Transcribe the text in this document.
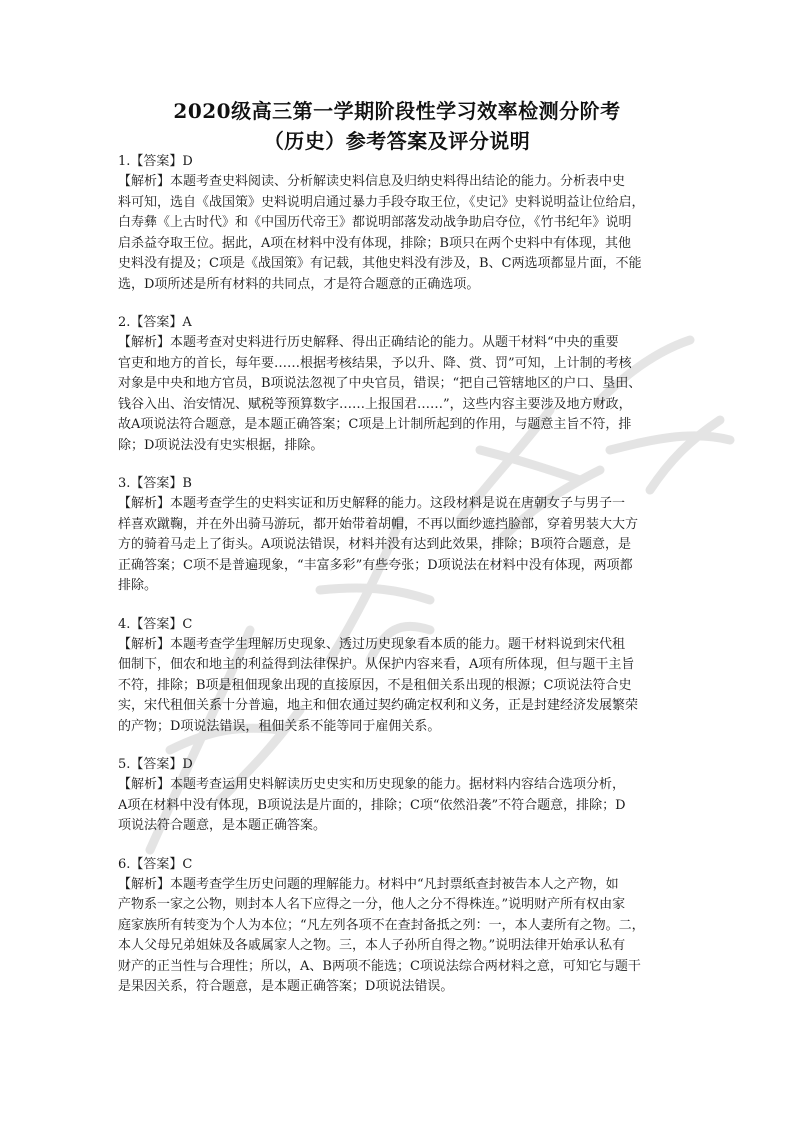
2020级高三第一学期阶段性学习效率检测分阶考
（历史）参考答案及评分说明
1.【答案】D
【解析】本题考查史料阅读、分析解读史料信息及归纳史料得出结论的能力。分析表中史
料可知，选自《战国策》史料说明启通过暴力手段夺取王位，《史记》史料说明益让位给启，
白寿彝《上古时代》和《中国历代帝王》都说明部落发动战争助启夺位，《竹书纪年》说明
启杀益夺取王位。据此，A项在材料中没有体现，排除；B项只在两个史料中有体现，其他
史料没有提及；C项是《战国策》有记载，其他史料没有涉及，B、C两选项都显片面，不能
选，D项所述是所有材料的共同点，才是符合题意的正确选项。
2.【答案】A
【解析】本题考查对史料进行历史解释、得出正确结论的能力。从题干材料“中央的重要
官吏和地方的首长，每年要……根据考核结果，予以升、降、赏、罚”可知，上计制的考核
对象是中央和地方官员，B项说法忽视了中央官员，错误；“把自己管辖地区的户口、垦田、
钱谷入出、治安情况、赋税等预算数字……上报国君……”，这些内容主要涉及地方财政，
故A项说法符合题意，是本题正确答案；C项是上计制所起到的作用，与题意主旨不符，排
除；D项说法没有史实根据，排除。
3.【答案】B
【解析】本题考查学生的史料实证和历史解释的能力。这段材料是说在唐朝女子与男子一
样喜欢蹴鞠，并在外出骑马游玩，都开始带着胡帽，不再以面纱遮挡脸部，穿着男装大大方
方的骑着马走上了街头。A项说法错误，材料并没有达到此效果，排除；B项符合题意，是
正确答案；C项不是普遍现象，“丰富多彩”有些夸张；D项说法在材料中没有体现，两项都
排除。
4.【答案】C
【解析】本题考查学生理解历史现象、透过历史现象看本质的能力。题干材料说到宋代租
佃制下，佃农和地主的利益得到法律保护。从保护内容来看，A项有所体现，但与题干主旨
不符，排除；B项是租佃现象出现的直接原因，不是租佃关系出现的根源；C项说法符合史
实，宋代租佃关系十分普遍，地主和佃农通过契约确定权利和义务，正是封建经济发展繁荣
的产物；D项说法错误，租佃关系不能等同于雇佣关系。
5.【答案】D
【解析】本题考查运用史料解读历史史实和历史现象的能力。据材料内容结合选项分析，
A项在材料中没有体现，B项说法是片面的，排除；C项“依然沿袭”不符合题意，排除；D
项说法符合题意，是本题正确答案。
6.【答案】C
【解析】本题考查学生历史问题的理解能力。材料中“凡封票纸查封被告本人之产物，如
产物系一家之公物，则封本人名下应得之一分，他人之分不得株连。”说明财产所有权由家
庭家族所有转变为个人为本位；“凡左列各项不在查封备抵之列：一，本人妻所有之物。二，
本人父母兄弟姐妹及各戚属家人之物。三，本人子孙所自得之物。”说明法律开始承认私有
财产的正当性与合理性；所以，A、B两项不能选；C项说法综合两材料之意，可知它与题干
是果因关系，符合题意，是本题正确答案；D项说法错误。
